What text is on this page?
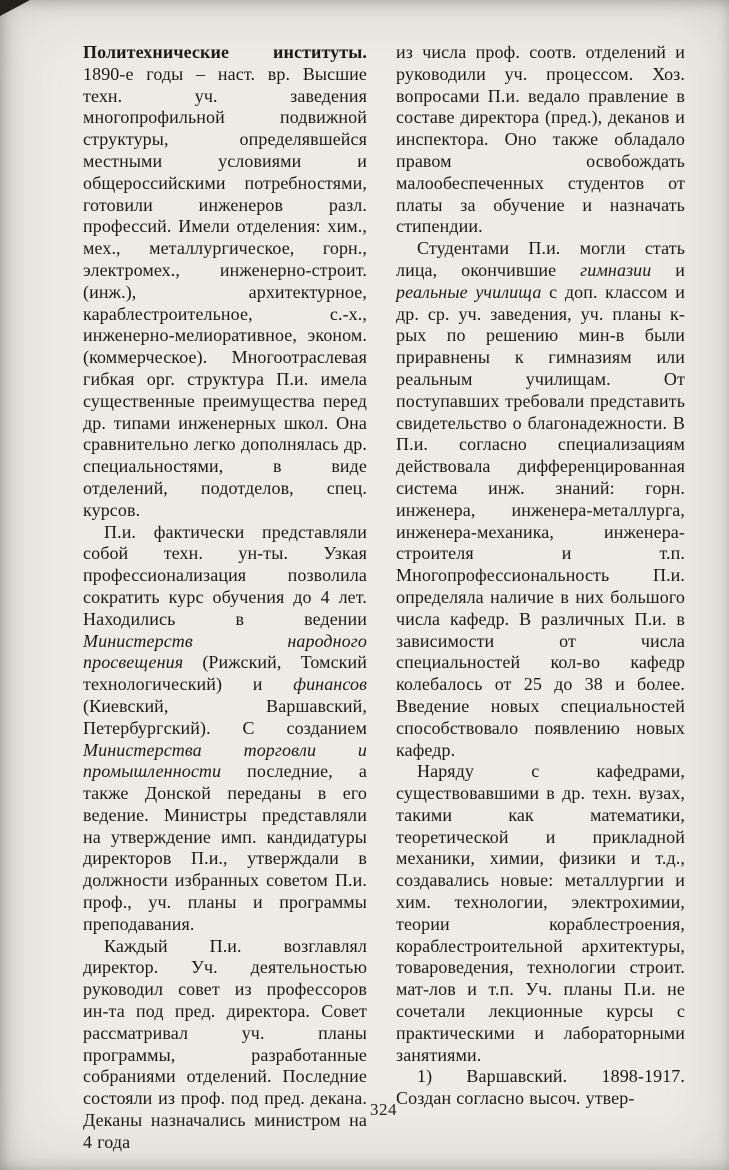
Политехнические институты. 1890-е годы – наст. вр. Высшие техн. уч. заведения многопрофильной подвижной структуры, определявшейся местными условиями и общероссийскими потребностями, готовили инженеров разл. профессий. Имели отделения: хим., мех., металлургическое, горн., электромех., инженерно-строит. (инж.), архитектурное, караблестроительное, с.-х., инженерно-мелиоративное, эконом. (коммерческое). Многоотраслевая гибкая орг. структура П.и. имела существенные преимущества перед др. типами инженерных школ. Она сравнительно легко дополнялась др. специальностями, в виде отделений, подотделов, спец. курсов.

П.и. фактически представляли собой техн. ун-ты. Узкая профессионализация позволила сократить курс обучения до 4 лет. Находились в ведении Министерств народного просвещения (Рижский, Томский технологический) и финансов (Киевский, Варшавский, Петербургский). С созданием Министерства торговли и промышленности последние, а также Донской переданы в его ведение. Министры представляли на утверждение имп. кандидатуры директоров П.и., утверждали в должности избранных советом П.и. проф., уч. планы и программы преподавания.

Каждый П.и. возглавлял директор. Уч. деятельностью руководил совет из профессоров ин-та под пред. директора. Совет рассматривал уч. планы программы, разработанные собраниями отделений. Последние состояли из проф. под пред. декана. Деканы назначались министром на 4 года

из числа проф. соотв. отделений и руководили уч. процессом. Хоз. вопросами П.и. ведало правление в составе директора (пред.), деканов и инспектора. Оно также обладало правом освобождать малообеспеченных студентов от платы за обучение и назначать стипендии.

Студентами П.и. могли стать лица, окончившие гимназии и реальные училища с доп. классом и др. ср. уч. заведения, уч. планы к-рых по решению мин-в были приравнены к гимназиям или реальным училищам. От поступавших требовали представить свидетельство о благонадежности. В П.и. согласно специализациям действовала дифференцированная система инж. знаний: горн. инженера, инженера-металлурга, инженера-механика, инженера-строителя и т.п. Многопрофессиональность П.и. определяла наличие в них большого числа кафедр. В различных П.и. в зависимости от числа специальностей кол-во кафедр колебалось от 25 до 38 и более. Введение новых специальностей способствовало появлению новых кафедр.

Наряду с кафедрами, существовавшими в др. техн. вузах, такими как математики, теоретической и прикладной механики, химии, физики и т.д., создавались новые: металлургии и хим. технологии, электрохимии, теории кораблестроения, кораблестроительной архитектуры, товароведения, технологии строит. мат-лов и т.п. Уч. планы П.и. не сочетали лекционные курсы с практическими и лабораторными занятиями.

1) Варшавский. 1898-1917. Создан согласно высоч. утвер-

324
